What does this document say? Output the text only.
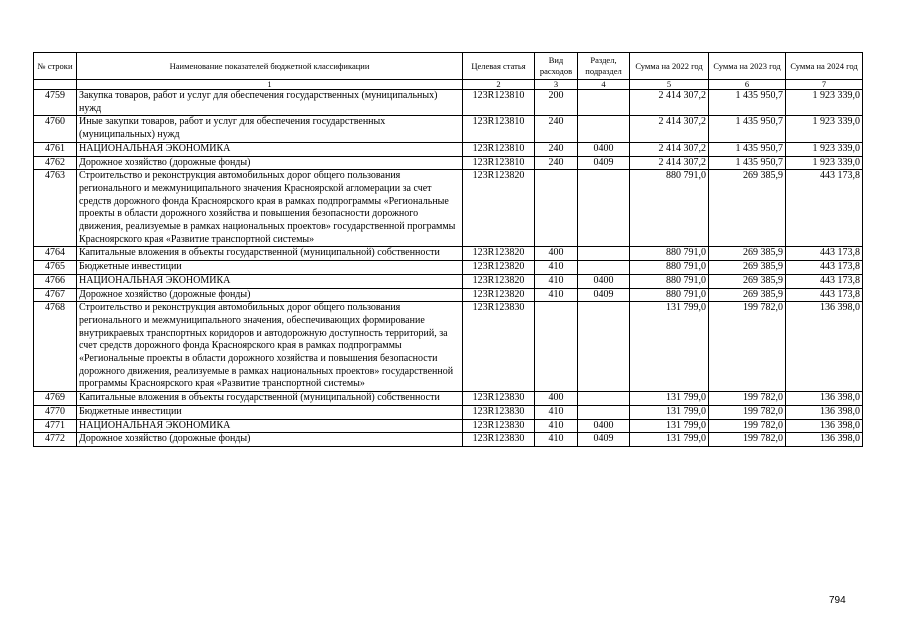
№ строки	Наименование показателей бюджетной классификации	Целевая статья	Вид расходов	Раздел, подраздел	Сумма на 2022 год	Сумма на 2023 год	Сумма на 2024 год
	1	2	3	4	5	6	7
4759	Закупка товаров, работ и услуг для обеспечения государственных (муниципальных) нужд	123R123810	200		2 414 307,2	1 435 950,7	1 923 339,0
4760	Иные закупки товаров, работ и услуг для обеспечения государственных (муниципальных) нужд	123R123810	240		2 414 307,2	1 435 950,7	1 923 339,0
4761	НАЦИОНАЛЬНАЯ ЭКОНОМИКА	123R123810	240	0400	2 414 307,2	1 435 950,7	1 923 339,0
4762	Дорожное хозяйство (дорожные фонды)	123R123810	240	0409	2 414 307,2	1 435 950,7	1 923 339,0
4763	Строительство и реконструкция автомобильных дорог общего пользования регионального и межмуниципального значения Красноярской агломерации за счет средств дорожного фонда Красноярского края в рамках подпрограммы «Региональные проекты в области дорожного хозяйства и повышения безопасности дорожного движения, реализуемые в рамках национальных проектов» государственной программы Красноярского края «Развитие транспортной системы»	123R123820			880 791,0	269 385,9	443 173,8
4764	Капитальные вложения в объекты государственной (муниципальной) собственности	123R123820	400		880 791,0	269 385,9	443 173,8
4765	Бюджетные инвестиции	123R123820	410		880 791,0	269 385,9	443 173,8
4766	НАЦИОНАЛЬНАЯ ЭКОНОМИКА	123R123820	410	0400	880 791,0	269 385,9	443 173,8
4767	Дорожное хозяйство (дорожные фонды)	123R123820	410	0409	880 791,0	269 385,9	443 173,8
4768	Строительство и реконструкция автомобильных дорог общего пользования регионального и межмуниципального значения, обеспечивающих формирование внутрикраевых транспортных коридоров и автодорожную доступность территорий, за счет средств дорожного фонда Красноярского края в рамках подпрограммы «Региональные проекты в области дорожного хозяйства и повышения безопасности дорожного движения, реализуемые в рамках национальных проектов» государственной программы Красноярского края «Развитие транспортной системы»	123R123830			131 799,0	199 782,0	136 398,0
4769	Капитальные вложения в объекты государственной (муниципальной) собственности	123R123830	400		131 799,0	199 782,0	136 398,0
4770	Бюджетные инвестиции	123R123830	410		131 799,0	199 782,0	136 398,0
4771	НАЦИОНАЛЬНАЯ ЭКОНОМИКА	123R123830	410	0400	131 799,0	199 782,0	136 398,0
4772	Дорожное хозяйство (дорожные фонды)	123R123830	410	0409	131 799,0	199 782,0	136 398,0
794
